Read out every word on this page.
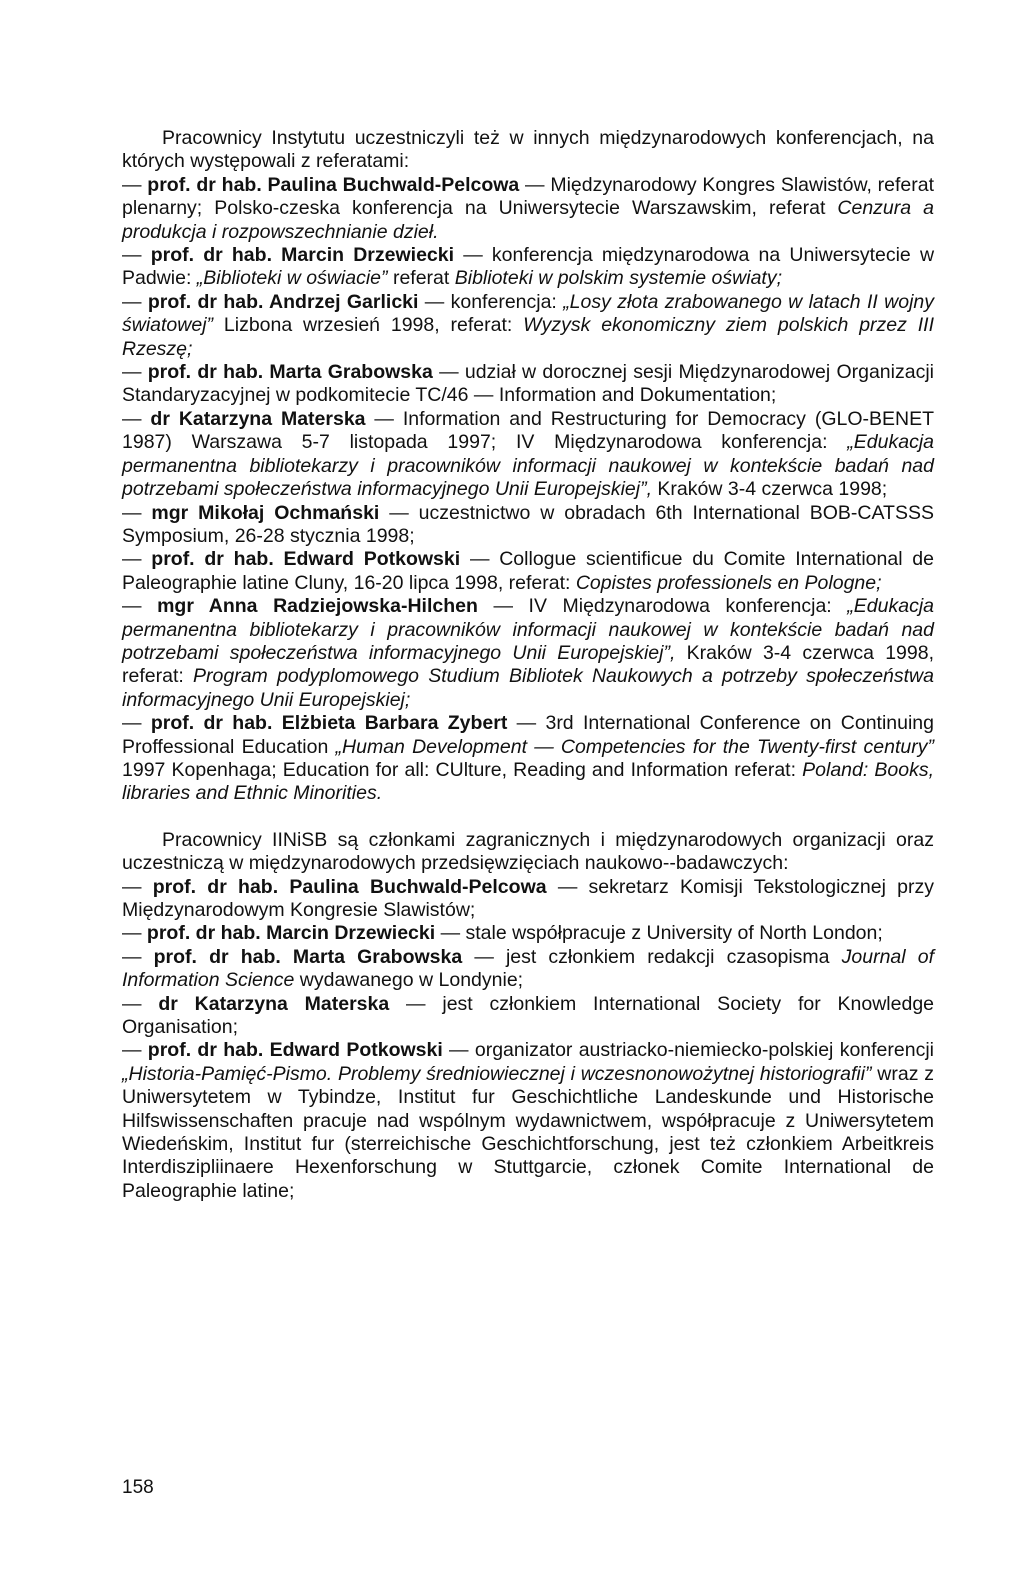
Pracownicy Instytutu uczestniczyli też w innych międzynarodowych konferencjach, na których występowali z referatami:

— prof. dr hab. Paulina Buchwald-Pelcowa — Międzynarodowy Kongres Slawistów, referat plenarny; Polsko-czeska konferencja na Uniwersytecie Warszawskim, referat Cenzura a produkcja i rozpowszechnianie dzieł.

— prof. dr hab. Marcin Drzewiecki — konferencja międzynarodowa na Uniwersytecie w Padwie: „Biblioteki w oświacie” referat Biblioteki w polskim systemie oświaty;

— prof. dr hab. Andrzej Garlicki — konferencja: „Losy złota zrabowanego w latach II wojny światowej” Lizbona wrzesień 1998, referat: Wyzysk ekonomiczny ziem polskich przez III Rzeszę;

— prof. dr hab. Marta Grabowska — udział w dorocznej sesji Międzynarodowej Organizacji Standaryzacyjnej w podkomitecie TC/46 — Information and Dokumentation;

— dr Katarzyna Materska — Information and Restructuring for Democracy (GLO-BENET 1987) Warszawa 5-7 listopada 1997; IV Międzynarodowa konferencja: „Edukacja permanentna bibliotekarzy i pracowników informacji naukowej w kontekście badań nad potrzebami społeczeństwa informacyjnego Unii Europejskiej”, Kraków 3-4 czerwca 1998;

— mgr Mikołaj Ochmański — uczestnictwo w obradach 6th International BOB-CATSSS Symposium, 26-28 stycznia 1998;

— prof. dr hab. Edward Potkowski — Collogue scientificue du Comite International de Paleographie latine Cluny, 16-20 lipca 1998, referat: Copistes professionels en Pologne;

— mgr Anna Radziejowska-Hilchen — IV Międzynarodowa konferencja: „Edukacja permanentna bibliotekarzy i pracowników informacji naukowej w kontekście badań nad potrzebami społeczeństwa informacyjnego Unii Europejskiej”, Kraków 3-4 czerwca 1998, referat: Program podyplomowego Studium Bibliotek Naukowych a potrzeby społeczeństwa informacyjnego Unii Europejskiej;

— prof. dr hab. Elżbieta Barbara Zybert — 3rd International Conference on Continuing Proffessional Education „Human Development — Competencies for the Twenty-first century” 1997 Kopenhaga; Education for all: CUlture, Reading and Information referat: Poland: Books, libraries and Ethnic Minorities.

Pracownicy IINiSB są członkami zagranicznych i międzynarodowych organizacji oraz uczestniczą w międzynarodowych przedsięwzięciach naukowo--badawczych:

— prof. dr hab. Paulina Buchwald-Pelcowa — sekretarz Komisji Tekstologicznej przy Międzynarodowym Kongresie Slawistów;

— prof. dr hab. Marcin Drzewiecki — stale współpracuje z University of North London;

— prof. dr hab. Marta Grabowska — jest członkiem redakcji czasopisma Journal of Information Science wydawanego w Londynie;

— dr Katarzyna Materska — jest członkiem International Society for Knowledge Organisation;

— prof. dr hab. Edward Potkowski — organizator austriacko-niemiecko-polskiej konferencji „Historia-Pamięć-Pismo. Problemy średniowiecznej i wczesnonowożytnej historiografii” wraz z Uniwersytetem w Tybindze, Institut fur Geschichtliche Landeskunde und Historische Hilfswissenschaften pracuje nad wspólnym wydawnictwem, współpracuje z Uniwersytetem Wiedeńskim, Institut fur (sterreichische Geschichtforschung, jest też członkiem Arbeitkreis Interdiszipliinaere Hexenforschung w Stuttgarcie, członek Comite International de Paleographie latine;

158
